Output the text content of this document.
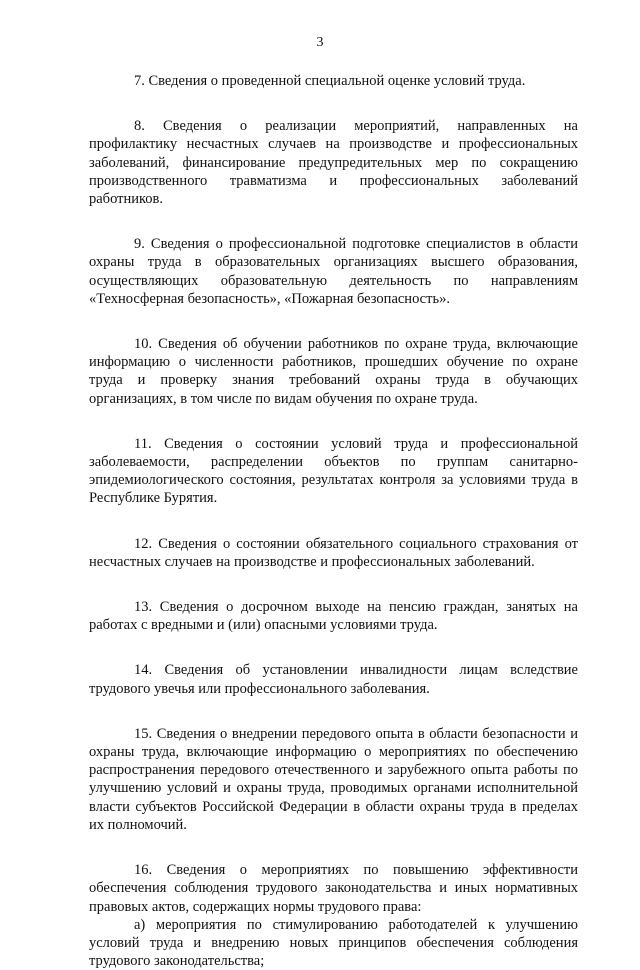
3

7. Сведения о проведенной специальной оценке условий труда.

8. Сведения о реализации мероприятий, направленных на профилактику несчастных случаев на производстве и профессиональных заболеваний, финансирование предупредительных мер по сокращению производственного травматизма и профессиональных заболеваний работников.

9. Сведения о профессиональной подготовке специалистов в области охраны труда в образовательных организациях высшего образования, осуществляющих образовательную деятельность по направлениям «Техносферная безопасность», «Пожарная безопасность».

10. Сведения об обучении работников по охране труда, включающие информацию о численности работников, прошедших обучение по охране труда и проверку знания требований охраны труда в обучающих организациях, в том числе по видам обучения по охране труда.

11. Сведения о состоянии условий труда и профессиональной заболеваемости, распределении объектов по группам санитарно-эпидемиологического состояния, результатах контроля за условиями труда в Республике Бурятия.

12. Сведения о состоянии обязательного социального страхования от несчастных случаев на производстве и профессиональных заболеваний.

13. Сведения о досрочном выходе на пенсию граждан, занятых на работах с вредными и (или) опасными условиями труда.

14. Сведения об установлении инвалидности лицам вследствие трудового увечья или профессионального заболевания.

15. Сведения о внедрении передового опыта в области безопасности и охраны труда, включающие информацию о мероприятиях по обеспечению распространения передового отечественного и зарубежного опыта работы по улучшению условий и охраны труда, проводимых органами исполнительной власти субъектов Российской Федерации в области охраны труда в пределах их полномочий.

16. Сведения о мероприятиях по повышению эффективности обеспечения соблюдения трудового законодательства и иных нормативных правовых актов, содержащих нормы трудового права:

а) мероприятия по стимулированию работодателей к улучшению условий труда и внедрению новых принципов обеспечения соблюдения трудового законодательства;
